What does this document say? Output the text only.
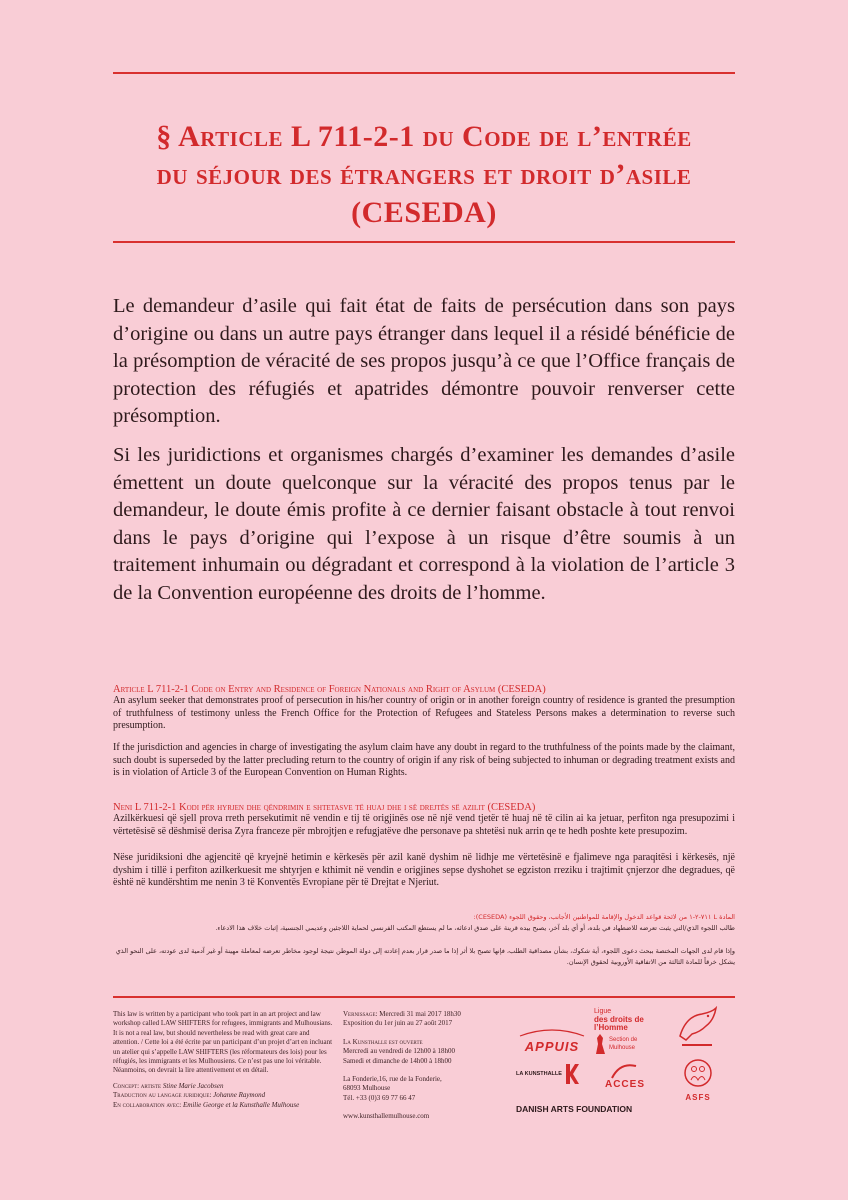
§ Article L 711-2-1 du Code de l’entrée
du séjour des étrangers et droit d’asile
(CESEDA)

Le demandeur d’asile qui fait état de faits de persécution dans son pays d’origine ou dans un autre pays étranger dans lequel il a résidé bénéficie de la présomption de véracité de ses propos jusqu’à ce que l’Office français de protection des réfugiés et apatrides démontre pouvoir renverser cette présomption.

Si les juridictions et organismes chargés d’examiner les demandes d’asile émettent un doute quelconque sur la véracité des propos tenus par le demandeur, le doute émis profite à ce dernier faisant obstacle à tout renvoi dans le pays d’origine qui l’expose à un risque d’être soumis à un traitement inhumain ou dégradant et correspond à la violation de l’article 3 de la Convention européenne des droits de l’homme.

Article L 711-2-1 Code on Entry and Residence of Foreign Nationals and Right of Asylum (CESEDA)

An asylum seeker that demonstrates proof of persecution in his/her country of origin or in another foreign country of residence is granted the presumption of truthfulness of testimony unless the French Office for the Protection of Refugees and Stateless Persons makes a determination to reverse such presumption.

If the jurisdiction and agencies in charge of investigating the asylum claim have any doubt in regard to the truthfulness of the points made by the claimant, such doubt is superseded by the latter precluding return to the country of origin if any risk of being subjected to inhuman or degrading treatment exists and is in violation of Article 3 of the European Convention on Human Rights.

Neni L 711-2-1 Kodi për hyrjen dhe qëndrimin e shtetasve të huaj dhe i së drejtës së azilit (CESEDA)

Azilkërkuesi që sjell prova rreth persekutimit në vendin e tij të origjinës ose në një vend tjetër të huaj në të cilin ai ka jetuar, perfiton nga presupozimi i vërtetësisë së dëshmisë derisa Zyra franceze për mbrojtjen e refugjatëve dhe personave pa shtetësi nuk arrin qe te hedh poshte kete presupozim.

Nëse juridiksioni dhe agjencitë që kryejnë hetimin e kërkesës për azil kanë dyshim në lidhje me vërtetësinë e fjalimeve nga paraqitësi i kërkesës, një dyshim i tillë i perfiton azilkerkuesit me shtyrjen e kthimit në vendin e origjines sepse dyshohet se egziston rreziku i trajtimit çnjerzor dhe degradues, që është në kundërshtim me nenin 3 të Konventës Evropiane për të Drejtat e Njeriut.

المادة L ٧١١-٢-١ من لائحة قواعد الدخول والإقامة للمواطنين الأجانب، وحقوق اللجوء (CESEDA):

طالب اللجوء الذي/التي يثبت تعرضه للاضطهاد في بلده، أو أي بلد آخر، يصبح بيده قرينة على صدق ادعائه، ما لم يستطع المكتب الفرنسي لحماية اللاجئين وعديمي الجنسية، إثبات خلاف هذا الادعاء.

وإذا قام لدى الجهات المختصة ببحث دعوى اللجوء، أية شكوك، بشأن مصداقية الطلب، فإنها تصبح بلا أثر إذا ما صدر قرار بعدم إعادته إلى دولة الموطن نتيجة لوجود مخاطر تعرضه لمعاملة مهينة أو غير آدمية لدى عودته، على النحو الذي يشكل خرقاً للمادة الثالثة من الاتفاقية الأوروبية لحقوق الإنسان.

This law is written by a participant who took part in an art project and law workshop called LAW SHIFTERS for refugees, immigrants and Mulhousians. It is not a real law, but should nevertheless be read with great care and attention. / Cette loi a été écrite par un participant d’un projet d’art en incluant un atelier qui s’appelle LAW SHIFTERS (les réformateurs des lois) pour les réfugiés, les immigrants et les Mulhousiens. Ce n’est pas une loi véritable. Néanmoins, on devrait la lire attentivement et en détail.
Concept: artiste Stine Marie Jacobsen
Traduction au langage juridique: Johanne Raymond
En collaboration avec: Emilie George et la Kunsthalle Mulhouse
Vernissage: Mercredi 31 mai 2017 18h30
Exposition du 1er juin au 27 août 2017
La Kunsthalle est ouverte
Mercredi au vendredi de 12h00 à 18h00
Samedi et dimanche de 14h00 à 18h00
La Fonderie,16, rue de la Fonderie,
68093 Mulhouse
Tél. +33 (0)3 69 77 66 47
www.kunsthallemulhouse.com
APPUIS
Ligue
des droits de
l’Homme
Section de Mulhouse
LA KUNSTHALLE
ACCES
ASFS
DANISH ARTS FOUNDATION
